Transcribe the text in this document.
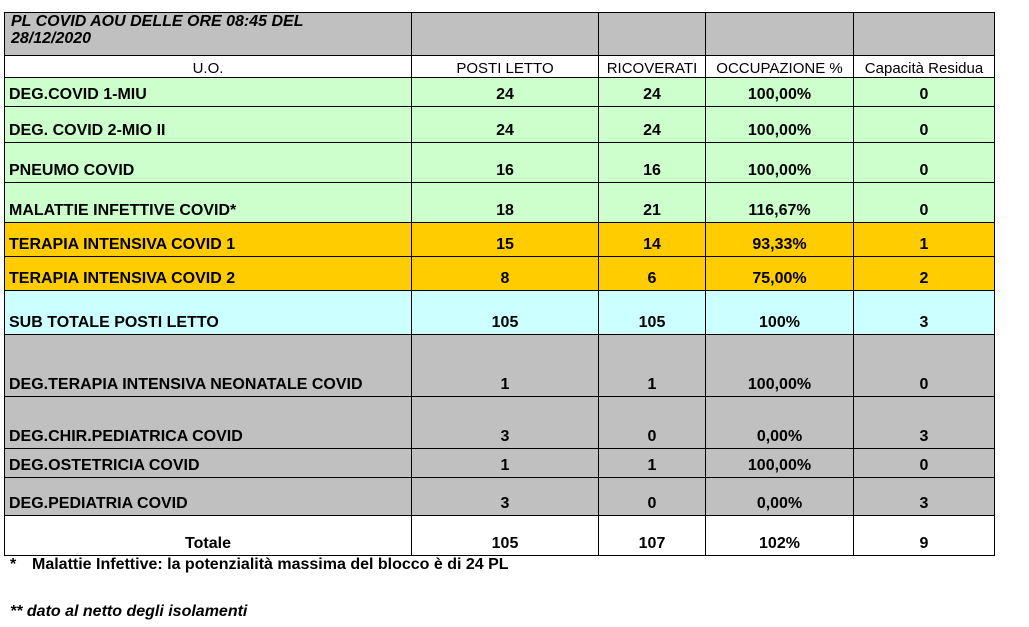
PL COVID AOU DELLE ORE 08:45 DEL 28/12/2020				

U.O.	POSTI LETTO	RICOVERATI	OCCUPAZIONE %	Capacità Residua
DEG.COVID 1-MIU	24	24	100,00%	0
DEG. COVID 2-MIO II	24	24	100,00%	0
PNEUMO COVID	16	16	100,00%	0
MALATTIE INFETTIVE COVID*	18	21	116,67%	0
TERAPIA INTENSIVA COVID 1	15	14	93,33%	1
TERAPIA INTENSIVA COVID 2	8	6	75,00%	2
SUB TOTALE POSTI LETTO	105	105	100%	3
DEG.TERAPIA INTENSIVA NEONATALE COVID	1	1	100,00%	0
DEG.CHIR.PEDIATRICA COVID	3	0	0,00%	3
DEG.OSTETRICIA COVID	1	1	100,00%	0
DEG.PEDIATRIA COVID	3	0	0,00%	3
Totale	105	107	102%	9
* Malattie Infettive: la potenzialità massima del blocco è di 24 PL
** dato al netto degli isolamenti
